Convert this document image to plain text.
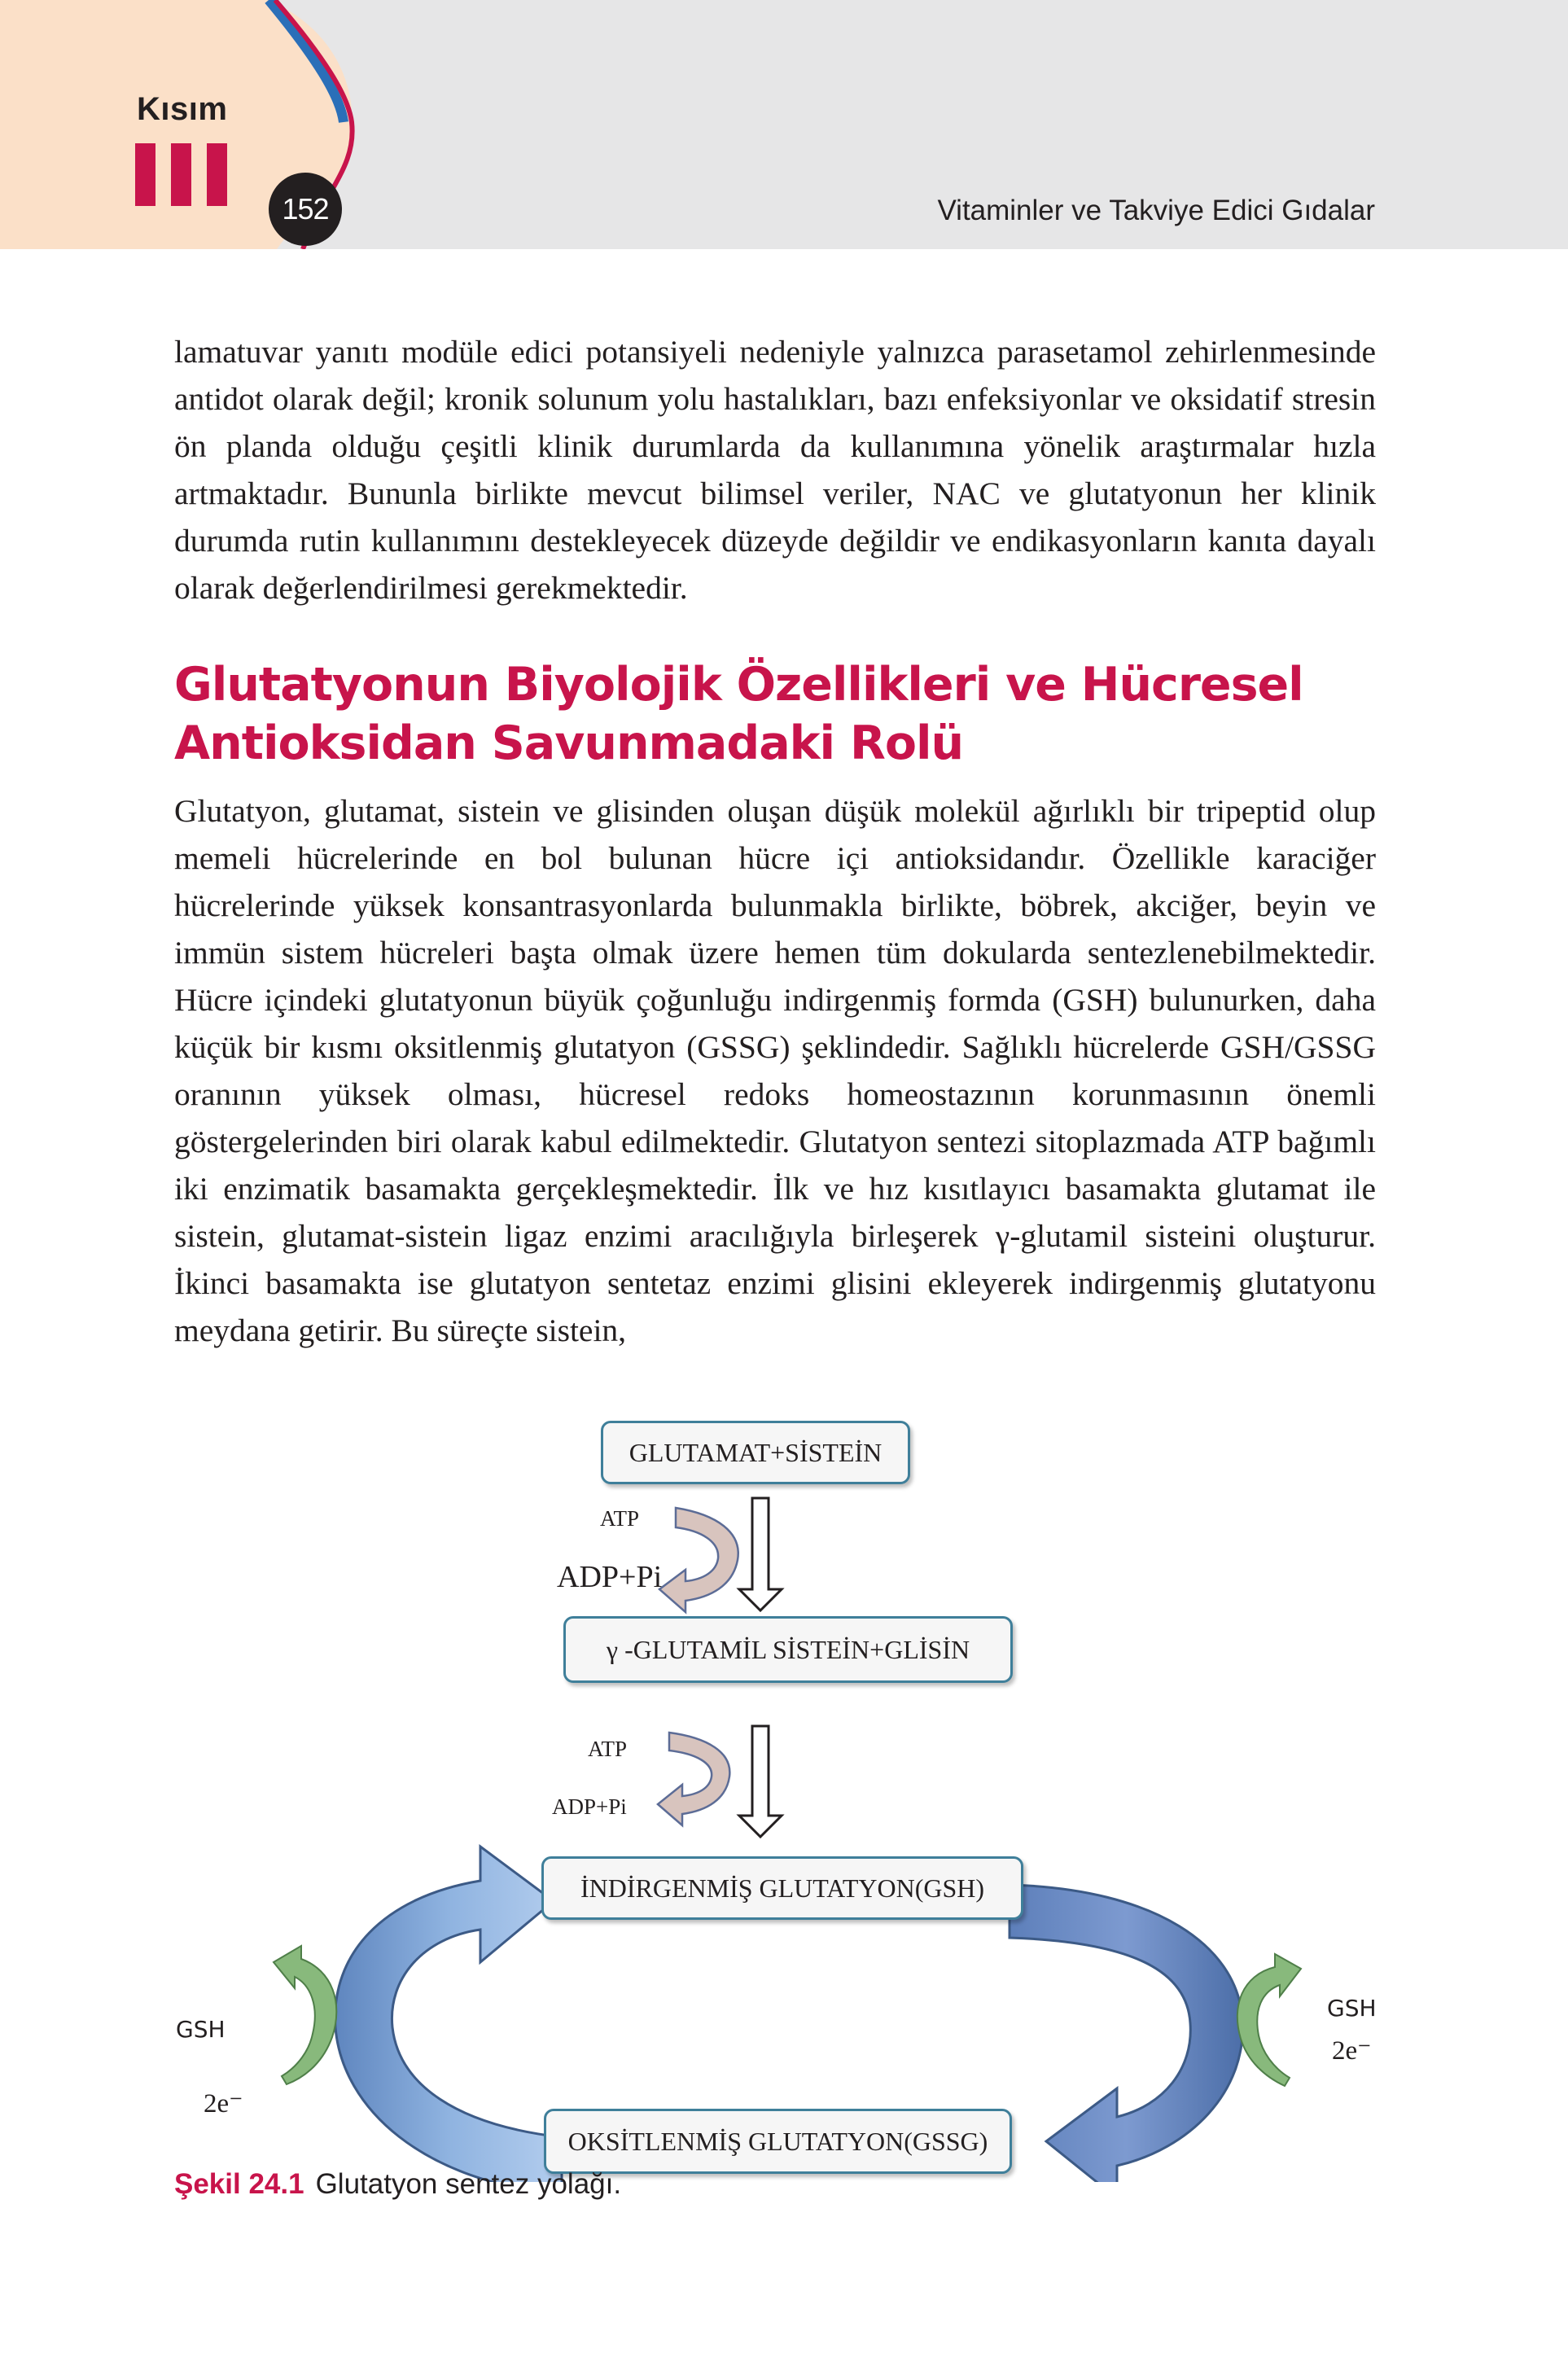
Kısım
152	Vitaminler ve Takviye Edici Gıdalar

lamatuvar yanıtı modüle edici potansiyeli nedeniyle yalnızca parasetamol zehirlenmesinde antidot olarak değil; kronik solunum yolu hastalıkları, bazı enfeksiyonlar ve oksidatif stresin ön planda olduğu çeşitli klinik durumlarda da kullanımına yönelik araştırmalar hızla artmaktadır. Bununla birlikte mevcut bilimsel veriler, NAC ve glutatyonun her klinik durumda rutin kullanımını destekleyecek düzeyde değildir ve endikasyonların kanıta dayalı olarak değerlendirilmesi gerekmektedir.

Glutatyonun Biyolojik Özellikleri ve Hücresel
Antioksidan Savunmadaki Rolü

Glutatyon, glutamat, sistein ve glisinden oluşan düşük molekül ağırlıklı bir tripeptid olup memeli hücrelerinde en bol bulunan hücre içi antioksidandır. Özellikle karaciğer hücrelerinde yüksek konsantrasyonlarda bulunmakla birlikte, böbrek, akciğer, beyin ve immün sistem hücreleri başta olmak üzere hemen tüm dokularda sentezlenebilmektedir. Hücre içindeki glutatyonun büyük çoğunluğu indirgenmiş formda (GSH) bulunurken, daha küçük bir kısmı oksitlenmiş glutatyon (GSSG) şeklindedir. Sağlıklı hücrelerde GSH/GSSG oranının yüksek olması, hücresel redoks homeostazının korunmasının önemli göstergelerinden biri olarak kabul edilmektedir. Glutatyon sentezi sitoplazmada ATP bağımlı iki enzimatik basamakta gerçekleşmektedir. İlk ve hız kısıtlayıcı basamakta glutamat ile sistein, glutamat-sistein ligaz enzimi aracılığıyla birleşerek γ-glutamil sisteini oluşturur. İkinci basamakta ise glutatyon sentetaz enzimi glisini ekleyerek indirgenmiş glutatyonu meydana getirir. Bu süreçte sistein,

GLUTAMAT+SİSTEİN
γ -GLUTAMİL SİSTEİN+GLİSİN
İNDİRGENMİŞ GLUTATYON(GSH)
OKSİTLENMİŞ GLUTATYON(GSSG)
ATP
ADP+Pi
ATP
ADP+Pi
GSH
2e⁻
GSH
2e⁻
Şekil 24.1 Glutatyon sentez yolağı.
